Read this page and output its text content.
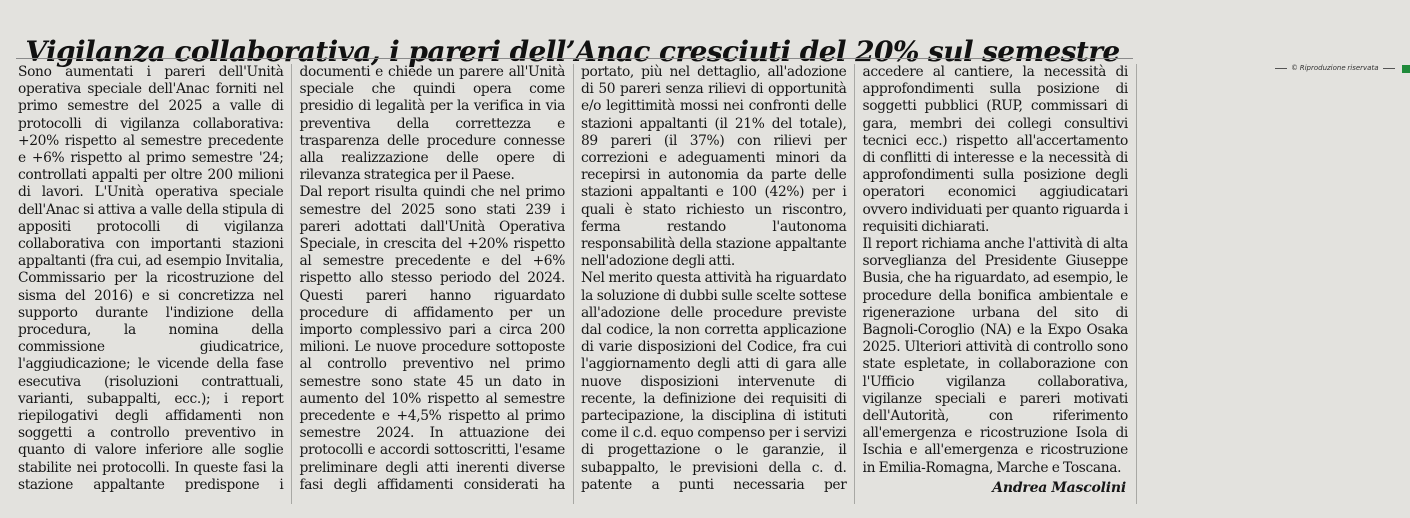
Vigilanza collaborativa, i pareri dell’Anac cresciuti del 20% sul semestre

Sono aumentati i pareri dell'Unità operativa speciale dell'Anac forniti nel primo semestre del 2025 a valle di protocolli di vigilanza collaborativa: +20% rispetto al semestre precedente e +6% rispetto al primo semestre '24; controllati appalti per oltre 200 milioni di lavori. L'Unità operativa speciale dell'Anac si attiva a valle della stipula di appositi protocolli di vigilanza collaborativa con importanti stazioni appaltanti (fra cui, ad esempio Invitalia, Commissario per la ricostruzione del sisma del 2016) e si concretizza nel supporto durante l'indizione della procedura, la nomina della commissione giudicatrice, l'aggiudicazione; le vicende della fase esecutiva (risoluzioni contrattuali, varianti, subappalti, ecc.); i report riepilogativi degli affidamenti non soggetti a controllo preventivo in quanto di valore inferiore alle soglie stabilite nei protocolli. In queste fasi la stazione appaltante predispone i documenti e chiede un parere all'Unità speciale che quindi opera come presidio di legalità per la verifica in via preventiva della correttezza e trasparenza delle procedure connesse alla realizzazione delle opere di rilevanza strategica per il Paese.

Dal report risulta quindi che nel primo semestre del 2025 sono stati 239 i pareri adottati dall'Unità Operativa Speciale, in crescita del +20% rispetto al semestre precedente e del +6% rispetto allo stesso periodo del 2024. Questi pareri hanno riguardato procedure di affidamento per un importo complessivo pari a circa 200 milioni. Le nuove procedure sottoposte al controllo preventivo nel primo semestre sono state 45 un dato in aumento del 10% rispetto al semestre precedente e +4,5% rispetto al primo semestre 2024. In attuazione dei protocolli e accordi sottoscritti, l'esame preliminare degli atti inerenti diverse fasi degli affidamenti considerati ha portato, più nel dettaglio, all'adozione di 50 pareri senza rilievi di opportunità e/o legittimità mossi nei confronti delle stazioni appaltanti (il 21% del totale), 89 pareri (il 37%) con rilievi per correzioni e adeguamenti minori da recepirsi in autonomia da parte delle stazioni appaltanti e 100 (42%) per i quali è stato richiesto un riscontro, ferma restando l'autonoma responsabilità della stazione appaltante nell'adozione degli atti.

Nel merito questa attività ha riguardato la soluzione di dubbi sulle scelte sottese all'adozione delle procedure previste dal codice, la non corretta applicazione di varie disposizioni del Codice, fra cui l'aggiornamento degli atti di gara alle nuove disposizioni intervenute di recente, la definizione dei requisiti di partecipazione, la disciplina di istituti come il c.d. equo compenso per i servizi di progettazione o le garanzie, il subappalto, le previsioni della c. d. patente a punti necessaria per accedere al cantiere, la necessità di approfondimenti sulla posizione di soggetti pubblici (RUP, commissari di gara, membri dei collegi consultivi tecnici ecc.) rispetto all'accertamento di conflitti di interesse e la necessità di approfondimenti sulla posizione degli operatori economici aggiudicatari ovvero individuati per quanto riguarda i requisiti dichiarati.

Il report richiama anche l'attività di alta sorveglianza del Presidente Giuseppe Busia, che ha riguardato, ad esempio, le procedure della bonifica ambientale e rigenerazione urbana del sito di Bagnoli-Coroglio (NA) e la Expo Osaka 2025. Ulteriori attività di controllo sono state espletate, in collaborazione con l'Ufficio vigilanza collaborativa, vigilanze speciali e pareri motivati dell'Autorità, con riferimento all'emergenza e ricostruzione Isola di Ischia e all'emergenza e ricostruzione in Emilia-Romagna, Marche e Toscana.

Andrea Mascolini
© Riproduzione riservata
